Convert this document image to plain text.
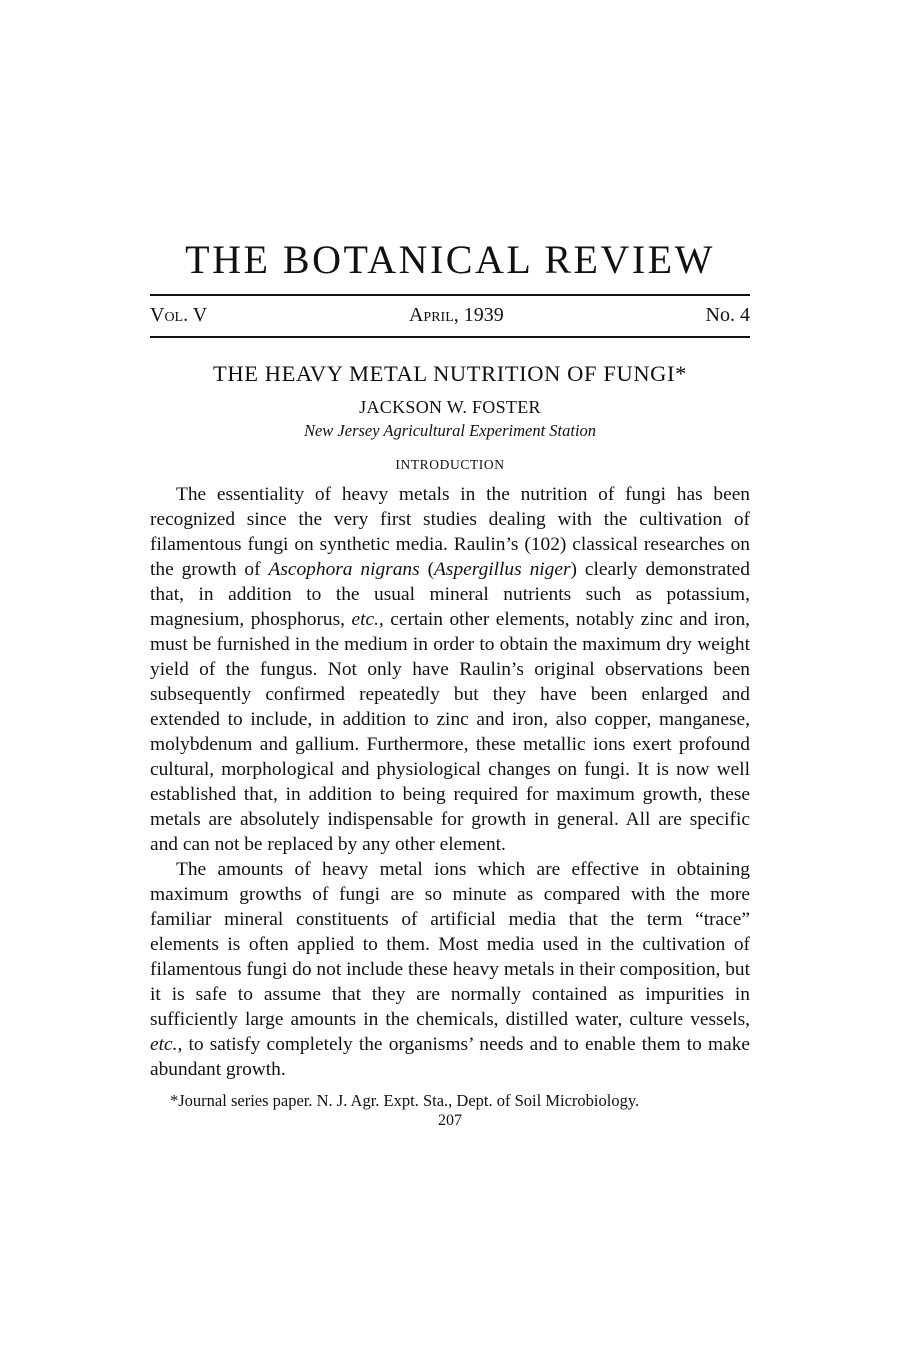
THE BOTANICAL REVIEW
Vol. V	April, 1939	No. 4
THE HEAVY METAL NUTRITION OF FUNGI*
JACKSON W. FOSTER
New Jersey Agricultural Experiment Station
INTRODUCTION

The essentiality of heavy metals in the nutrition of fungi has been recognized since the very first studies dealing with the cultivation of filamentous fungi on synthetic media. Raulin’s (102) classical researches on the growth of Ascophora nigrans (Aspergillus niger) clearly demonstrated that, in addition to the usual mineral nutrients such as potassium, magnesium, phosphorus, etc., certain other elements, notably zinc and iron, must be furnished in the medium in order to obtain the maximum dry weight yield of the fungus. Not only have Raulin’s original observations been subsequently confirmed repeatedly but they have been enlarged and extended to include, in addition to zinc and iron, also copper, manganese, molybdenum and gallium. Furthermore, these metallic ions exert profound cultural, morphological and physiological changes on fungi. It is now well established that, in addition to being required for maximum growth, these metals are absolutely indispensable for growth in general. All are specific and can not be replaced by any other element.

The amounts of heavy metal ions which are effective in obtaining maximum growths of fungi are so minute as compared with the more familiar mineral constituents of artificial media that the term “trace” elements is often applied to them. Most media used in the cultivation of filamentous fungi do not include these heavy metals in their composition, but it is safe to assume that they are normally contained as impurities in sufficiently large amounts in the chemicals, distilled water, culture vessels, etc., to satisfy completely the organisms’ needs and to enable them to make abundant growth.

*Journal series paper. N. J. Agr. Expt. Sta., Dept. of Soil Microbiology.
207
